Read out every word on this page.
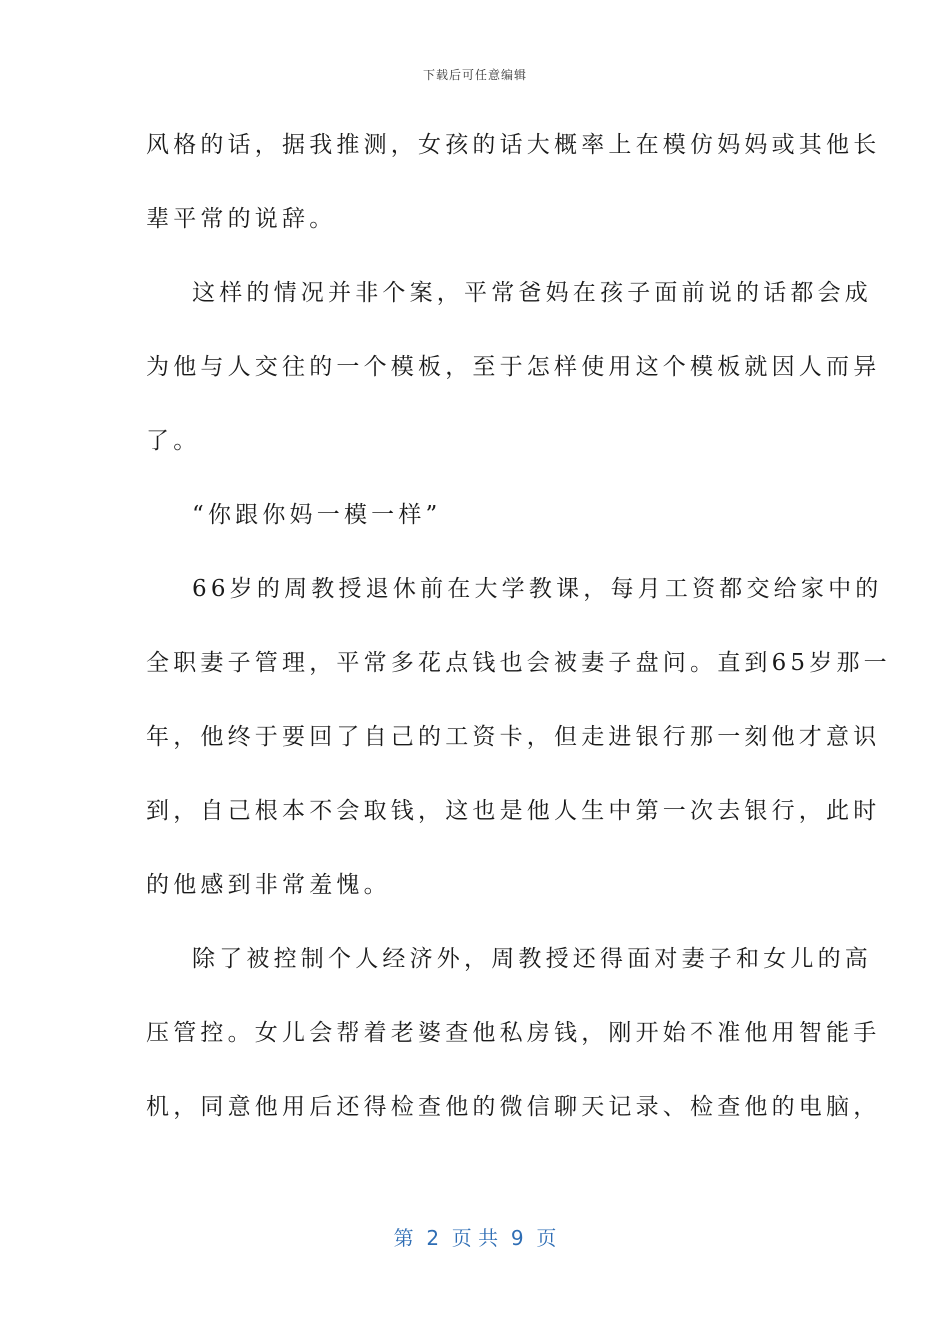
下载后可任意编辑
风格的话，据我推测，女孩的话大概率上在模仿妈妈或其他长
辈平常的说辞。
这样的情况并非个案，平常爸妈在孩子面前说的话都会成
为他与人交往的一个模板，至于怎样使用这个模板就因人而异
了。
“你跟你妈一模一样”
66岁的周教授退休前在大学教课，每月工资都交给家中的
全职妻子管理，平常多花点钱也会被妻子盘问。直到65岁那一
年，他终于要回了自己的工资卡，但走进银行那一刻他才意识
到，自己根本不会取钱，这也是他人生中第一次去银行，此时
的他感到非常羞愧。
除了被控制个人经济外，周教授还得面对妻子和女儿的高
压管控。女儿会帮着老婆查他私房钱，刚开始不准他用智能手
机，同意他用后还得检查他的微信聊天记录、检查他的电脑，
第  2  页 共  9  页
